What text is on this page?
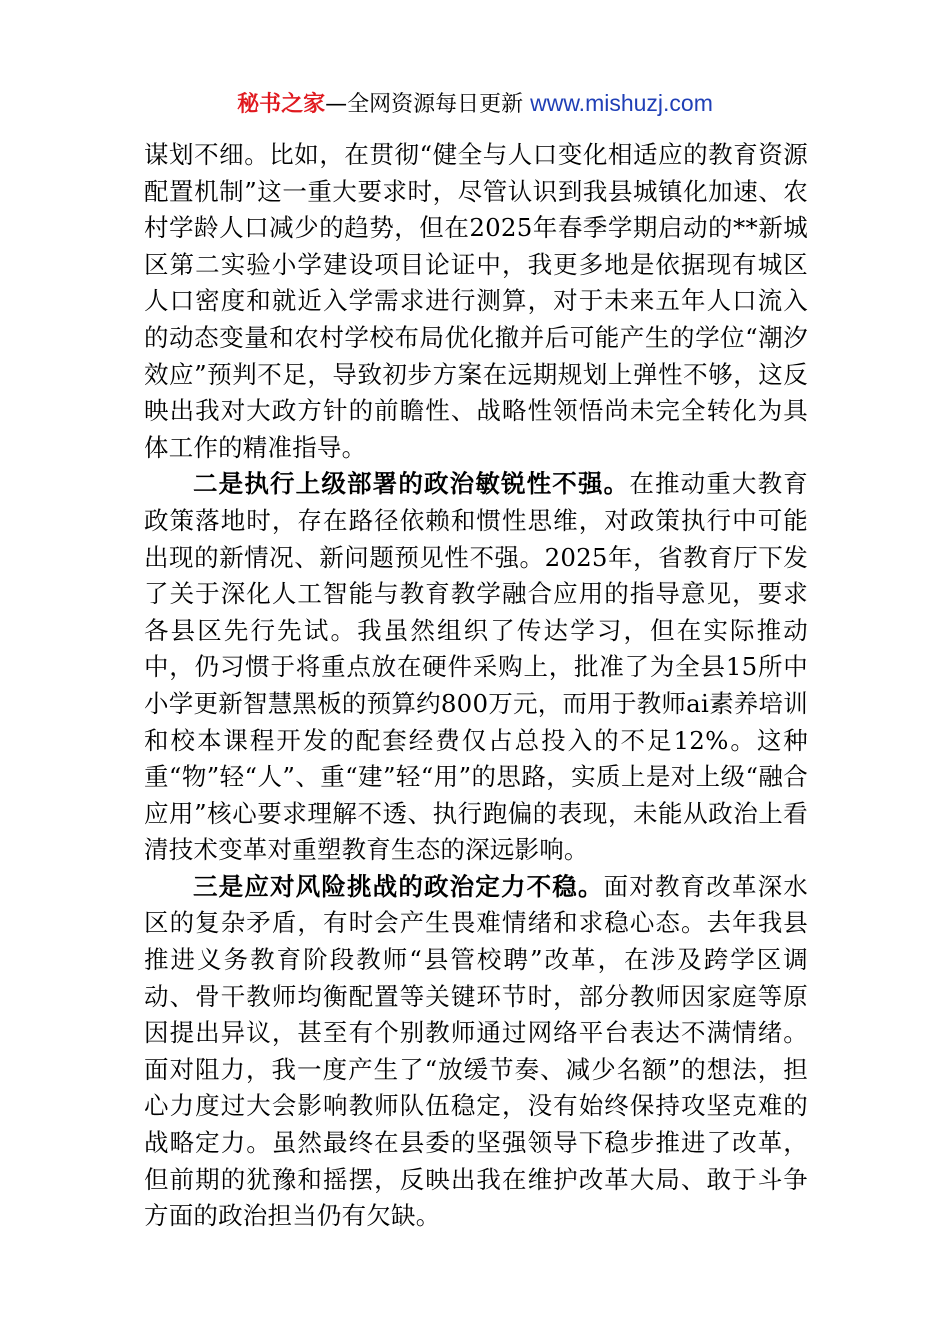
秘书之家—全网资源每日更新 www.mishuzj.com

谋划不细。比如，在贯彻“健全与人口变化相适应的教育资源配置机制”这一重大要求时，尽管认识到我县城镇化加速、农村学龄人口减少的趋势，但在2025年春季学期启动的**新城区第二实验小学建设项目论证中，我更多地是依据现有城区人口密度和就近入学需求进行测算，对于未来五年人口流入的动态变量和农村学校布局优化撤并后可能产生的学位“潮汐效应”预判不足，导致初步方案在远期规划上弹性不够，这反映出我对大政方针的前瞻性、战略性领悟尚未完全转化为具体工作的精准指导。

二是执行上级部署的政治敏锐性不强。在推动重大教育政策落地时，存在路径依赖和惯性思维，对政策执行中可能出现的新情况、新问题预见性不强。2025年，省教育厅下发了关于深化人工智能与教育教学融合应用的指导意见，要求各县区先行先试。我虽然组织了传达学习，但在实际推动中，仍习惯于将重点放在硬件采购上，批准了为全县15所中小学更新智慧黑板的预算约800万元，而用于教师ai素养培训和校本课程开发的配套经费仅占总投入的不足12%。这种重“物”轻“人”、重“建”轻“用”的思路，实质上是对上级“融合应用”核心要求理解不透、执行跑偏的表现，未能从政治上看清技术变革对重塑教育生态的深远影响。

三是应对风险挑战的政治定力不稳。面对教育改革深水区的复杂矛盾，有时会产生畏难情绪和求稳心态。去年我县推进义务教育阶段教师“县管校聘”改革，在涉及跨学区调动、骨干教师均衡配置等关键环节时，部分教师因家庭等原因提出异议，甚至有个别教师通过网络平台表达不满情绪。面对阻力，我一度产生了“放缓节奏、减少名额”的想法，担心力度过大会影响教师队伍稳定，没有始终保持攻坚克难的战略定力。虽然最终在县委的坚强领导下稳步推进了改革，但前期的犹豫和摇摆，反映出我在维护改革大局、敢于斗争方面的政治担当仍有欠缺。
